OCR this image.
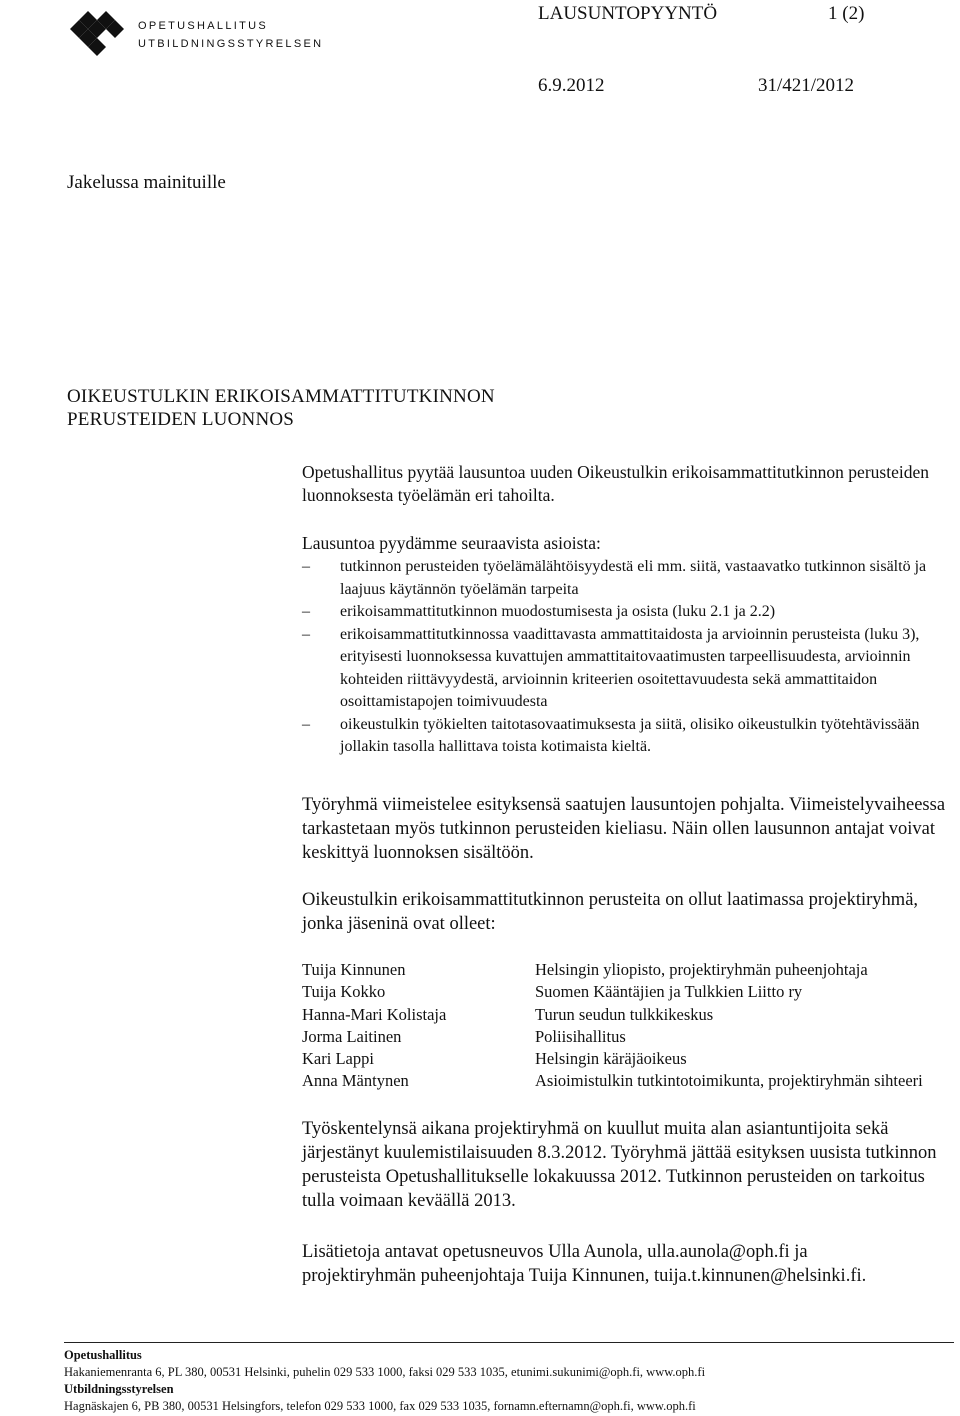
OPETUSHALLITUS
UTBILDNINGSSTYRELSEN
LAUSUNTOPYYNTÖ	1 (2)
6.9.2012	31/421/2012
Jakelussa mainituille
OIKEUSTULKIN ERIKOISAMMATTITUTKINNON
PERUSTEIDEN LUONNOS

Opetushallitus pyytää lausuntoa uuden Oikeustulkin erikoisammattitutkinnon perusteiden luonnoksesta työelämän eri tahoilta.

Lausuntoa pyydämme seuraavista asioista:

–	tutkinnon perusteiden työelämälähtöisyydestä eli mm. siitä, vastaavatko tutkinnon sisältö ja laajuus käytännön työelämän tarpeita
–	erikoisammattitutkinnon muodostumisesta ja osista (luku 2.1 ja 2.2)
–	erikoisammattitutkinnossa vaadittavasta ammattitaidosta ja arvioinnin perusteista (luku 3), erityisesti luonnoksessa kuvattujen ammattitaitovaatimusten tarpeellisuudesta, arvioinnin kohteiden riittävyydestä, arvioinnin kriteerien osoitettavuudesta sekä ammattitaidon osoittamistapojen toimivuudesta
–	oikeustulkin työkielten taitotasovaatimuksesta ja siitä, olisiko oikeustulkin työtehtävissään jollakin tasolla hallittava toista kotimaista kieltä.

Työryhmä viimeistelee esityksensä saatujen lausuntojen pohjalta. Viimeistelyvaiheessa tarkastetaan myös tutkinnon perusteiden kieliasu. Näin ollen lausunnon antajat voivat keskittyä luonnoksen sisältöön.

Oikeustulkin erikoisammattitutkinnon perusteita on ollut laatimassa projektiryhmä, jonka jäseninä ovat olleet:

Tuija Kinnunen	Helsingin yliopisto, projektiryhmän puheenjohtaja
Tuija Kokko	Suomen Kääntäjien ja Tulkkien Liitto ry
Hanna-Mari Kolistaja	Turun seudun tulkkikeskus
Jorma Laitinen	Poliisihallitus
Kari Lappi	Helsingin käräjäoikeus
Anna Mäntynen	Asioimistulkin tutkintotoimikunta, projektiryhmän sihteeri

Työskentelynsä aikana projektiryhmä on kuullut muita alan asiantuntijoita sekä järjestänyt kuulemistilaisuuden 8.3.2012. Työryhmä jättää esityksen uusista tutkinnon perusteista Opetushallitukselle lokakuussa 2012. Tutkinnon perusteiden on tarkoitus tulla voimaan keväällä 2013.

Lisätietoja antavat opetusneuvos Ulla Aunola, ulla.aunola@oph.fi ja
projektiryhmän puheenjohtaja Tuija Kinnunen, tuija.t.kinnunen@helsinki.fi.
Opetushallitus
Hakaniemenranta 6, PL 380, 00531 Helsinki, puhelin 029 533 1000, faksi 029 533 1035, etunimi.sukunimi@oph.fi, www.oph.fi
Utbildningsstyrelsen
Hagnäskajen 6, PB 380, 00531 Helsingfors, telefon 029 533 1000, fax 029 533 1035, fornamn.efternamn@oph.fi, www.oph.fi
